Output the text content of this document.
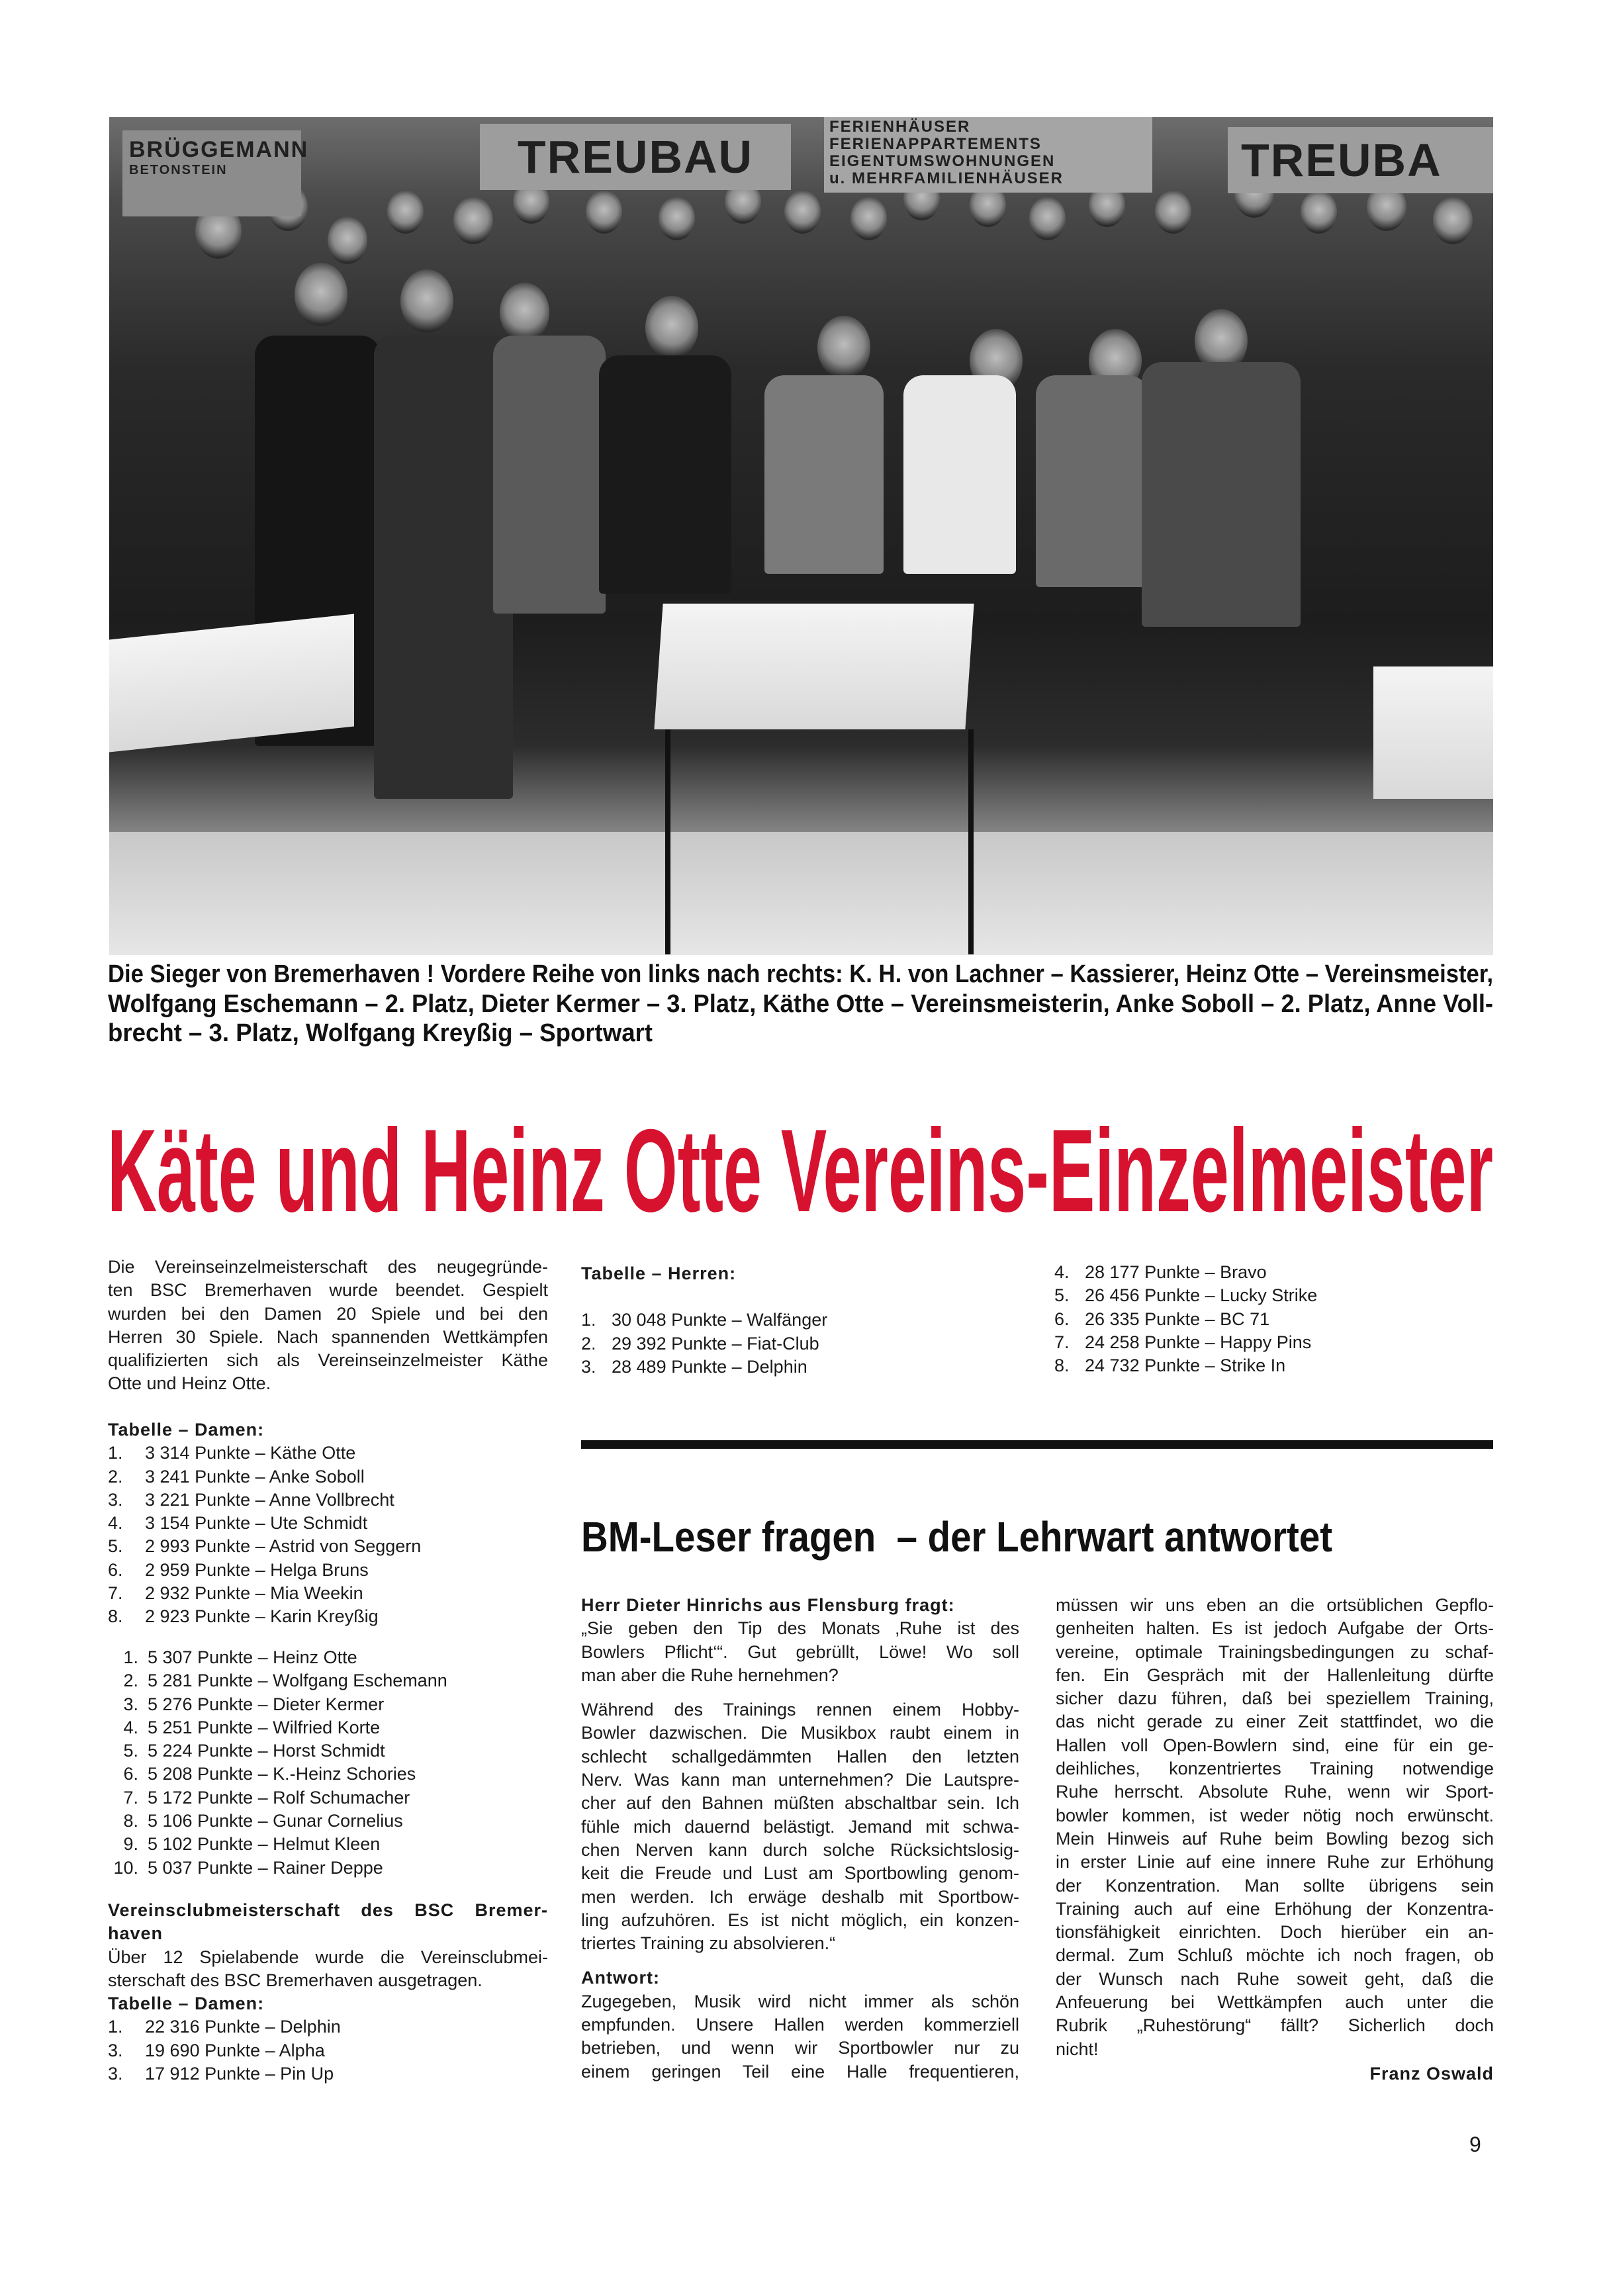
BRÜGGEMANN
BETONSTEIN	TREUBAU
FERIENHÄUSER
FERIENAPPARTEMENTS
EIGENTUMSWOHNUNGEN
u. MEHRFAMILIENHÄUSER	TREUBA
Die Sieger von Bremerhaven ! Vordere Reihe von links nach rechts: K. H. von Lachner – Kassierer, Heinz Otte – Vereinsmeister,
Wolfgang Eschemann – 2. Platz, Dieter Kermer – 3. Platz, Käthe Otte – Vereinsmeisterin, Anke Soboll – 2. Platz, Anne Voll-
brecht – 3. Platz, Wolfgang Kreyßig – Sportwart
Käte und Heinz Otte Vereins-Einzelmeister
Die Vereinseinzelmeisterschaft des neugegründe-
ten BSC Bremerhaven wurde beendet. Gespielt
wurden bei den Damen 20 Spiele und bei den
Herren 30 Spiele. Nach spannenden Wettkämpfen
qualifizierten sich als Vereinseinzelmeister Käthe
Otte und Heinz Otte.
Tabelle – Damen:
1.	3 314 Punkte – Käthe Otte
2.	3 241 Punkte – Anke Soboll
3.	3 221 Punkte – Anne Vollbrecht
4.	3 154 Punkte – Ute Schmidt
5.	2 993 Punkte – Astrid von Seggern
6.	2 959 Punkte – Helga Bruns
7.	2 932 Punkte – Mia Weekin
8.	2 923 Punkte – Karin Kreyßig
1. 5 307 Punkte – Heinz Otte
2. 5 281 Punkte – Wolfgang Eschemann
3. 5 276 Punkte – Dieter Kermer
4. 5 251 Punkte – Wilfried Korte
5. 5 224 Punkte – Horst Schmidt
6. 5 208 Punkte – K.-Heinz Schories
7. 5 172 Punkte – Rolf Schumacher
8. 5 106 Punkte – Gunar Cornelius
9. 5 102 Punkte – Helmut Kleen
10. 5 037 Punkte – Rainer Deppe
Vereinsclubmeisterschaft des BSC Bremer-
haven
Über 12 Spielabende wurde die Vereinsclubmei-
sterschaft des BSC Bremerhaven ausgetragen.
Tabelle – Damen:
1.	22 316 Punkte – Delphin
3.	19 690 Punkte – Alpha
3.	17 912 Punkte – Pin Up
Tabelle – Herren:
1. 30 048 Punkte – Walfänger
2. 29 392 Punkte – Fiat-Club
3. 28 489 Punkte – Delphin
4. 28 177 Punkte – Bravo
5. 26 456 Punkte – Lucky Strike
6. 26 335 Punkte – BC 71
7. 24 258 Punkte – Happy Pins
8. 24 732 Punkte – Strike In
BM-Leser fragen  – der Lehrwart antwortet
Herr Dieter Hinrichs aus Flensburg fragt:
„Sie geben den Tip des Monats ‚Ruhe ist des
Bowlers Pflicht‘“. Gut gebrüllt, Löwe! Wo soll
man aber die Ruhe hernehmen?
Während des Trainings rennen einem Hobby-
Bowler dazwischen. Die Musikbox raubt einem in
schlecht schallgedämmten Hallen den letzten
Nerv. Was kann man unternehmen? Die Lautspre-
cher auf den Bahnen müßten abschaltbar sein. Ich
fühle mich dauernd belästigt. Jemand mit schwa-
chen Nerven kann durch solche Rücksichtslosig-
keit die Freude und Lust am Sportbowling genom-
men werden. Ich erwäge deshalb mit Sportbow-
ling aufzuhören. Es ist nicht möglich, ein konzen-
triertes Training zu absolvieren.“
Antwort:
Zugegeben, Musik wird nicht immer als schön
empfunden. Unsere Hallen werden kommerziell
betrieben, und wenn wir Sportbowler nur zu
einem geringen Teil eine Halle frequentieren,
müssen wir uns eben an die ortsüblichen Gepflo-
genheiten halten. Es ist jedoch Aufgabe der Orts-
vereine, optimale Trainingsbedingungen zu schaf-
fen. Ein Gespräch mit der Hallenleitung dürfte
sicher dazu führen, daß bei speziellem Training,
das nicht gerade zu einer Zeit stattfindet, wo die
Hallen voll Open-Bowlern sind, eine für ein ge-
deihliches, konzentriertes Training notwendige
Ruhe herrscht. Absolute Ruhe, wenn wir Sport-
bowler kommen, ist weder nötig noch erwünscht.
Mein Hinweis auf Ruhe beim Bowling bezog sich
in erster Linie auf eine innere Ruhe zur Erhöhung
der Konzentration. Man sollte übrigens sein
Training auch auf eine Erhöhung der Konzentra-
tionsfähigkeit einrichten. Doch hierüber ein an-
dermal. Zum Schluß möchte ich noch fragen, ob
der Wunsch nach Ruhe soweit geht, daß die
Anfeuerung bei Wettkämpfen auch unter die
Rubrik „Ruhestörung“ fällt? Sicherlich doch
nicht!
Franz Oswald
9
